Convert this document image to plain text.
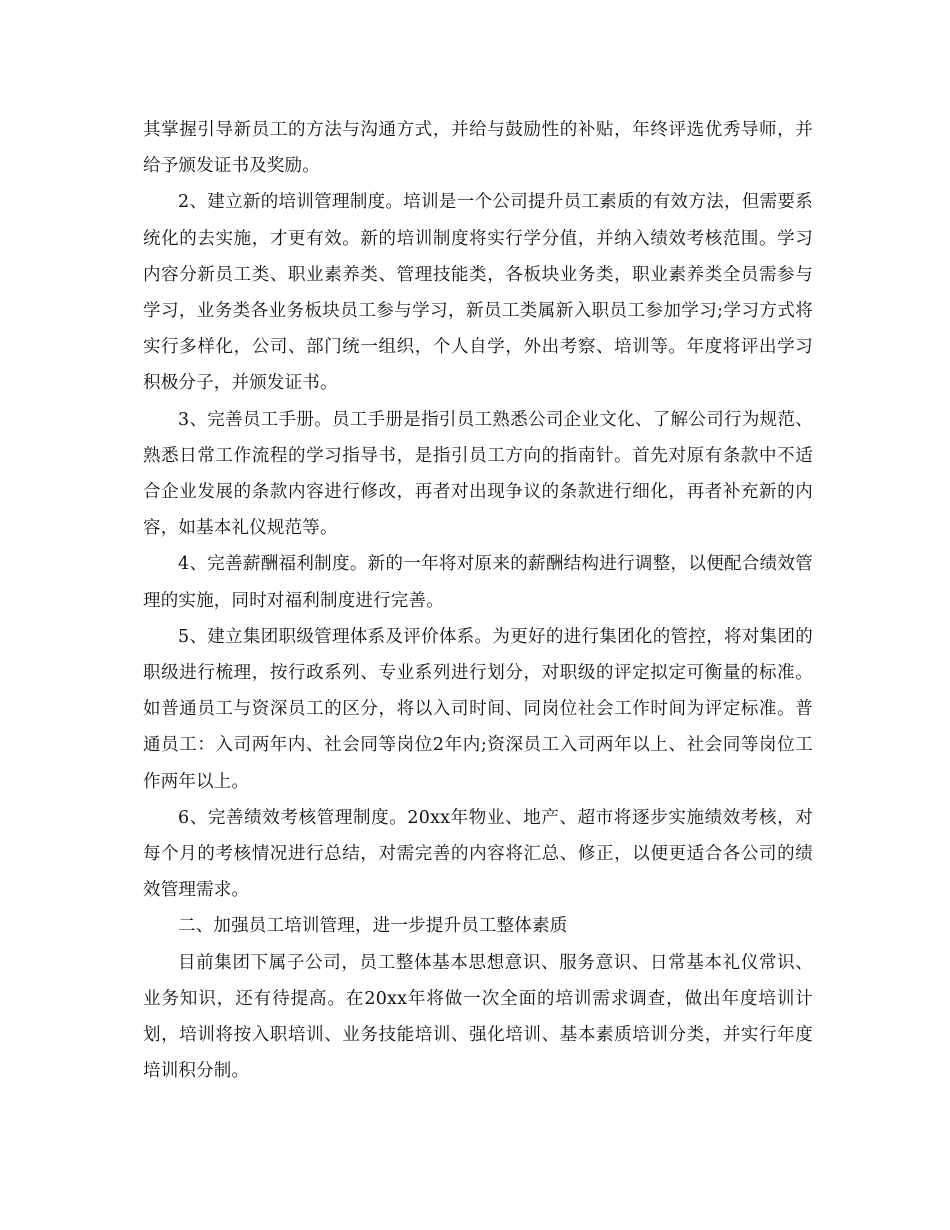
其掌握引导新员工的方法与沟通方式，并给与鼓励性的补贴，年终评选优秀导师，并给予颁发证书及奖励。

2、建立新的培训管理制度。培训是一个公司提升员工素质的有效方法，但需要系统化的去实施，才更有效。新的培训制度将实行学分值，并纳入绩效考核范围。学习内容分新员工类、职业素养类、管理技能类，各板块业务类，职业素养类全员需参与学习，业务类各业务板块员工参与学习，新员工类属新入职员工参加学习;学习方式将实行多样化，公司、部门统一组织，个人自学，外出考察、培训等。年度将评出学习积极分子，并颁发证书。

3、完善员工手册。员工手册是指引员工熟悉公司企业文化、了解公司行为规范、熟悉日常工作流程的学习指导书，是指引员工方向的指南针。首先对原有条款中不适合企业发展的条款内容进行修改，再者对出现争议的条款进行细化，再者补充新的内容，如基本礼仪规范等。

4、完善薪酬福利制度。新的一年将对原来的薪酬结构进行调整，以便配合绩效管理的实施，同时对福利制度进行完善。

5、建立集团职级管理体系及评价体系。为更好的进行集团化的管控，将对集团的职级进行梳理，按行政系列、专业系列进行划分，对职级的评定拟定可衡量的标准。如普通员工与资深员工的区分，将以入司时间、同岗位社会工作时间为评定标准。普通员工：入司两年内、社会同等岗位2年内;资深员工入司两年以上、社会同等岗位工作两年以上。

6、完善绩效考核管理制度。20xx年物业、地产、超市将逐步实施绩效考核，对每个月的考核情况进行总结，对需完善的内容将汇总、修正，以便更适合各公司的绩效管理需求。

二、加强员工培训管理，进一步提升员工整体素质

目前集团下属子公司，员工整体基本思想意识、服务意识、日常基本礼仪常识、业务知识，还有待提高。在20xx年将做一次全面的培训需求调查，做出年度培训计划，培训将按入职培训、业务技能培训、强化培训、基本素质培训分类，并实行年度培训积分制。
